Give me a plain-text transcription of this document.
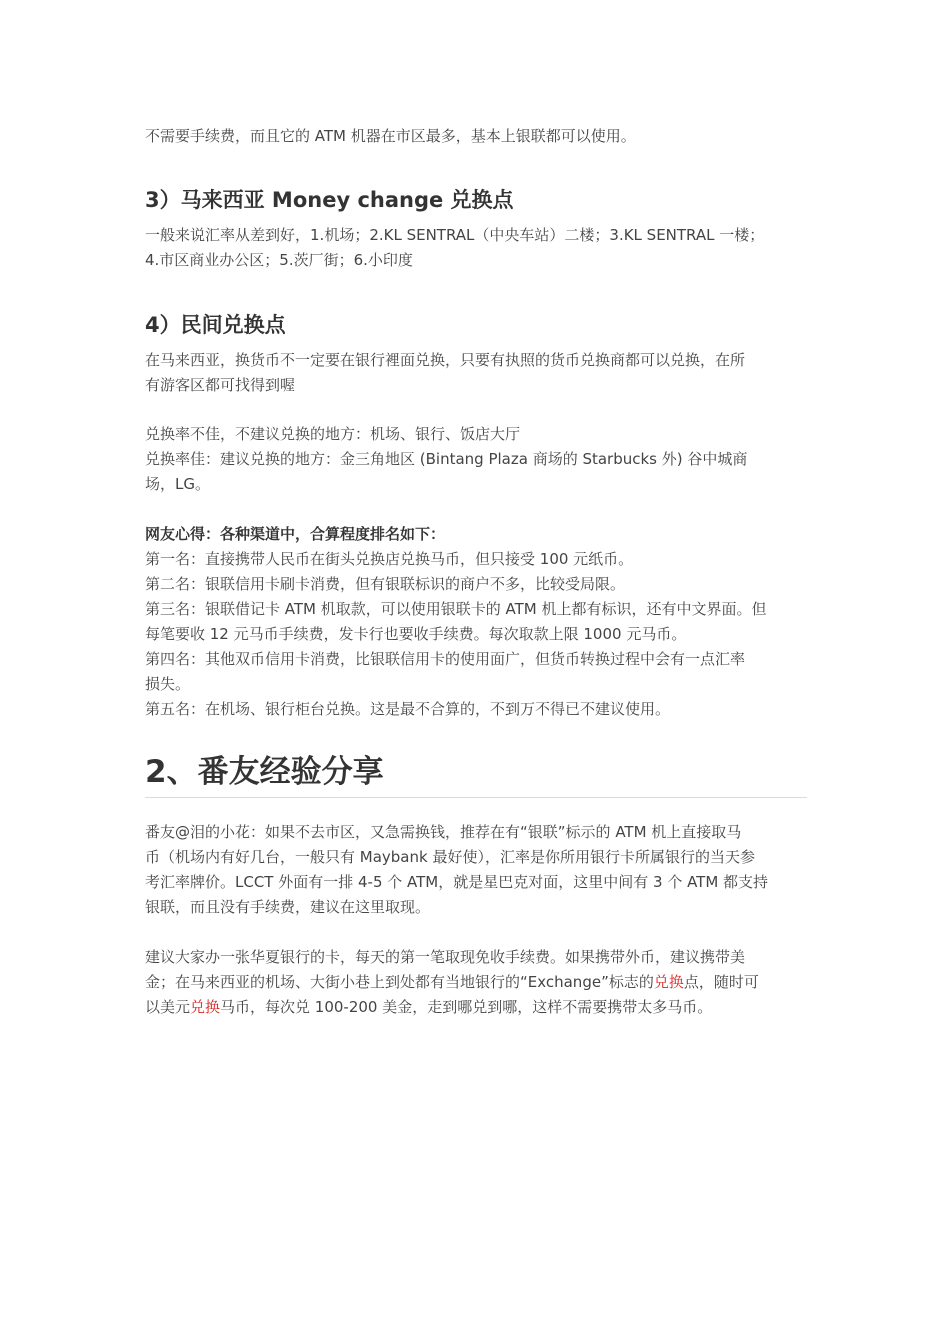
不需要手续费，而且它的 ATM 机器在市区最多，基本上银联都可以使用。

3）马来西亚 Money change 兑换点

一般来说汇率从差到好，1.机场；2.KL SENTRAL（中央车站）二楼；3.KL SENTRAL 一楼；

4.市区商业办公区；5.茨厂街；6.小印度

4）民间兑换点

在马来西亚，换货币不一定要在银行裡面兑换，只要有执照的货币兑换商都可以兑换，在所

有游客区都可找得到喔

兑换率不佳，不建议兑换的地方：机场、银行、饭店大厅

兑换率佳：建议兑换的地方：金三角地区 (Bintang Plaza 商场的 Starbucks 外) 谷中城商

场，LG。

网友心得：各种渠道中，合算程度排名如下：

第一名：直接携带人民币在街头兑换店兑换马币，但只接受 100 元纸币。

第二名：银联信用卡刷卡消费，但有银联标识的商户不多，比较受局限。

第三名：银联借记卡 ATM 机取款，可以使用银联卡的 ATM 机上都有标识，还有中文界面。但

每笔要收 12 元马币手续费，发卡行也要收手续费。每次取款上限 1000 元马币。

第四名：其他双币信用卡消费，比银联信用卡的使用面广，但货币转换过程中会有一点汇率

损失。

第五名：在机场、银行柜台兑换。这是最不合算的，不到万不得已不建议使用。

2、番友经验分享

番友@泪的小花：如果不去市区，又急需换钱，推荐在有“银联”标示的 ATM 机上直接取马

币（机场内有好几台，一般只有 Maybank 最好使），汇率是你所用银行卡所属银行的当天参

考汇率牌价。LCCT 外面有一排 4-5 个 ATM，就是星巴克对面，这里中间有 3 个 ATM 都支持

银联，而且没有手续费，建议在这里取现。

建议大家办一张华夏银行的卡，每天的第一笔取现免收手续费。如果携带外币，建议携带美

金；在马来西亚的机场、大街小巷上到处都有当地银行的“Exchange”标志的兑换点，随时可

以美元兑换马币，每次兑 100-200 美金，走到哪兑到哪，这样不需要携带太多马币。
